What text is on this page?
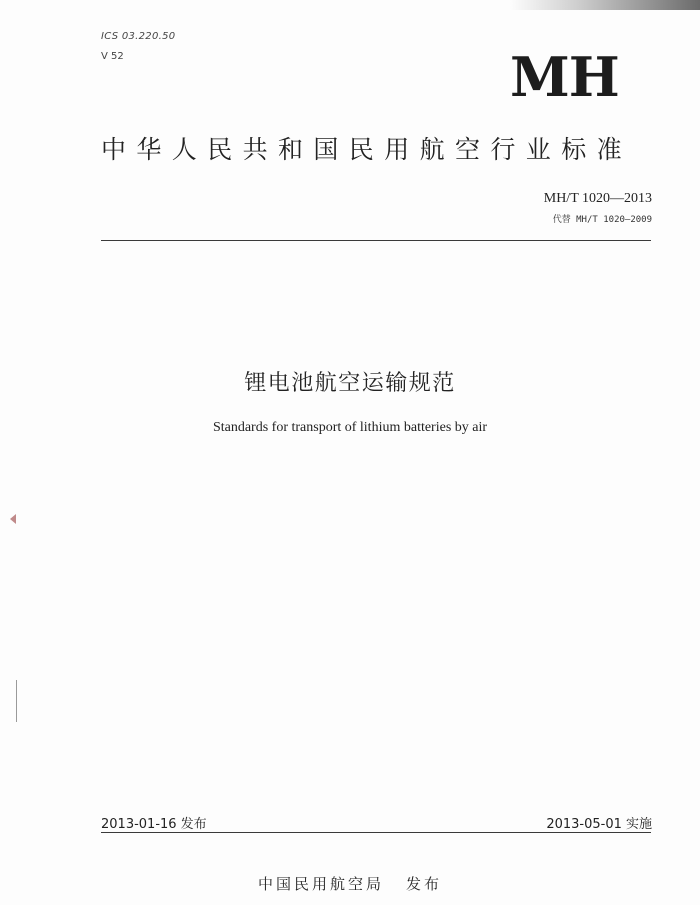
ICS 03.220.50
V 52	MH
中华人民共和国民用航空行业标准
MH/T 1020—2013
代替 MH/T 1020—2009
锂电池航空运输规范
Standards for transport of lithium batteries by air
2013-01-16 发布	2013-05-01 实施
中国民用航空局 发布
